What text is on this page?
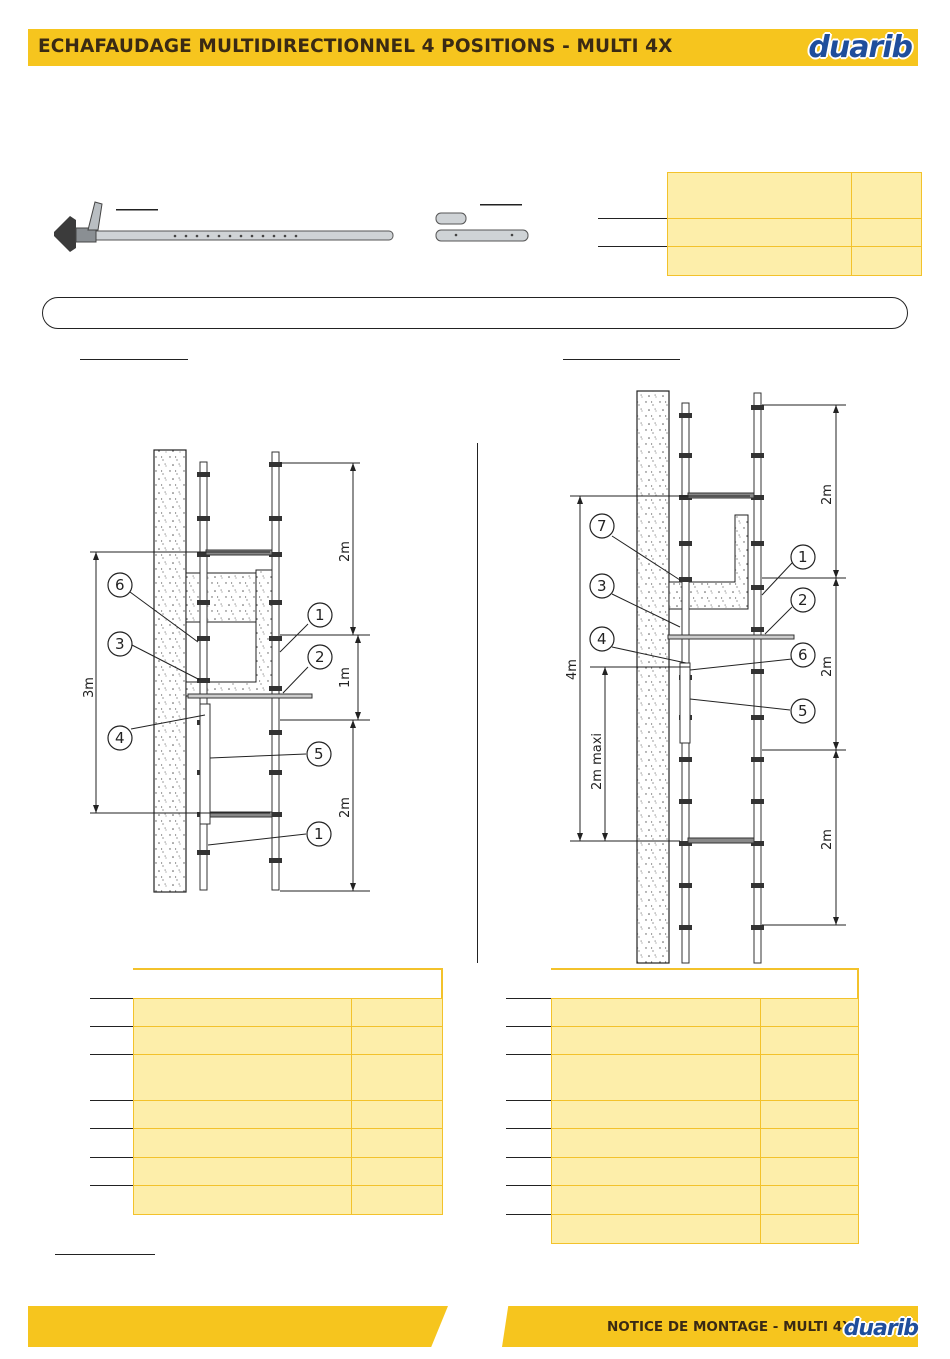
ECHAFAUDAGE MULTIDIRECTIONNEL 4 POSITIONS - MULTI 4X	duarib
2m
1m
2m
3m
1
2
3
4
5
6
1
2m
2m
2m
4m
2m maxi
1
2
3
4
5
6
7
NOTICE DE MONTAGE - MULTI 4X
duarib
